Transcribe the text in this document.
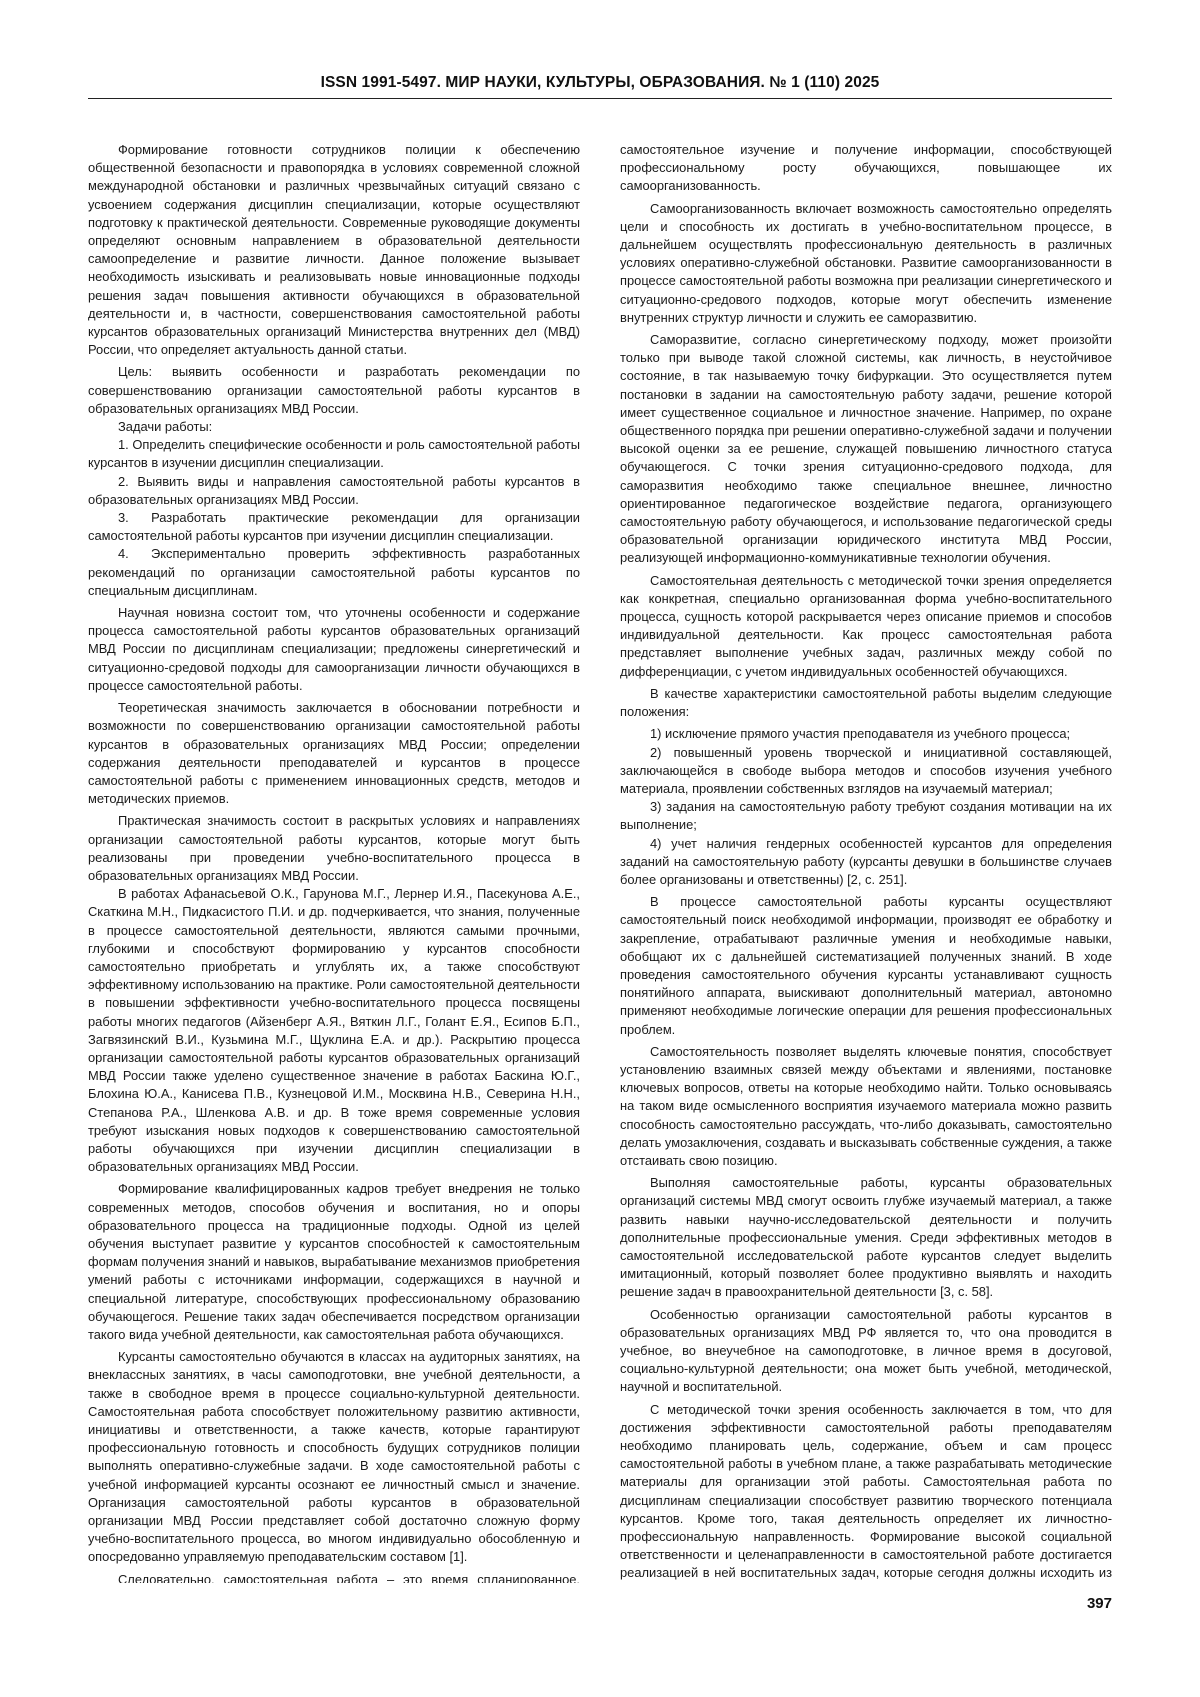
ISSN 1991-5497. МИР НАУКИ, КУЛЬТУРЫ, ОБРАЗОВАНИЯ. № 1 (110) 2025

Формирование готовности сотрудников полиции к обеспечению общественной безопасности и правопорядка в условиях современной сложной международной обстановки и различных чрезвычайных ситуаций связано с усвоением содержания дисциплин специализации, которые осуществляют подготовку к практической деятельности. Современные руководящие документы определяют основным направлением в образовательной деятельности самоопределение и развитие личности. Данное положение вызывает необходимость изыскивать и реализовывать новые инновационные подходы решения задач повышения активности обучающихся в образовательной деятельности и, в частности, совершенствования самостоятельной работы курсантов образовательных организаций Министерства внутренних дел (МВД) России, что определяет актуальность данной статьи.

Цель: выявить особенности и разработать рекомендации по совершенствованию организации самостоятельной работы курсантов в образовательных организациях МВД России.

Задачи работы:

1. Определить специфические особенности и роль самостоятельной работы курсантов в изучении дисциплин специализации.

2. Выявить виды и направления самостоятельной работы курсантов в образовательных организациях МВД России.

3. Разработать практические рекомендации для организации самостоятельной работы курсантов при изучении дисциплин специализации.

4. Экспериментально проверить эффективность разработанных рекомендаций по организации самостоятельной работы курсантов по специальным дисциплинам.

Научная новизна состоит том, что уточнены особенности и содержание процесса самостоятельной работы курсантов образовательных организаций МВД России по дисциплинам специализации; предложены синергетический и ситуационно-средовой подходы для самоорганизации личности обучающихся в процессе самостоятельной работы.

Теоретическая значимость заключается в обосновании потребности и возможности по совершенствованию организации самостоятельной работы курсантов в образовательных организациях МВД России; определении содержания деятельности преподавателей и курсантов в процессе самостоятельной работы с применением инновационных средств, методов и методических приемов.

Практическая значимость состоит в раскрытых условиях и направлениях организации самостоятельной работы курсантов, которые могут быть реализованы при проведении учебно-воспитательного процесса в образовательных организациях МВД России.

В работах Афанасьевой О.К., Гарунова М.Г., Лернер И.Я., Пасекунова А.Е., Скаткина М.Н., Пидкасистого П.И. и др. подчеркивается, что знания, полученные в процессе самостоятельной деятельности, являются самыми прочными, глубокими и способствуют формированию у курсантов способности самостоятельно приобретать и углублять их, а также способствуют эффективному использованию на практике. Роли самостоятельной деятельности в повышении эффективности учебно-воспитательного процесса посвящены работы многих педагогов (Айзенберг А.Я., Вяткин Л.Г., Голант Е.Я., Есипов Б.П., Загвязинский В.И., Кузьмина М.Г., Щуклина Е.А. и др.). Раскрытию процесса организации самостоятельной работы курсантов образовательных организаций МВД России также уделено существенное значение в работах Баскина Ю.Г., Блохина Ю.А., Канисева П.В., Кузнецовой И.М., Москвина Н.В., Северина Н.Н., Степанова Р.А., Шленкова А.В. и др. В тоже время современные условия требуют изыскания новых подходов к совершенствованию самостоятельной работы обучающихся при изучении дисциплин специализации в образовательных организациях МВД России.

Формирование квалифицированных кадров требует внедрения не только современных методов, способов обучения и воспитания, но и опоры образовательного процесса на традиционные подходы. Одной из целей обучения выступает развитие у курсантов способностей к самостоятельным формам получения знаний и навыков, вырабатывание механизмов приобретения умений работы с источниками информации, содержащихся в научной и специальной литературе, способствующих профессиональному образованию обучающегося. Решение таких задач обеспечивается посредством организации такого вида учебной деятельности, как самостоятельная работа обучающихся.

Курсанты самостоятельно обучаются в классах на аудиторных занятиях, на внеклассных занятиях, в часы самоподготовки, вне учебной деятельности, а также в свободное время в процессе социально-культурной деятельности. Самостоятельная работа способствует положительному развитию активности, инициативы и ответственности, а также качеств, которые гарантируют профессиональную готовность и способность будущих сотрудников полиции выполнять оперативно-служебные задачи. В ходе самостоятельной работы с учебной информацией курсанты осознают ее личностный смысл и значение. Организация самостоятельной работы курсантов в образовательной организации МВД России представляет собой достаточно сложную форму учебно-воспитательного процесса, во многом индивидуально обособленную и опосредованно управляемую преподавательским составом [1].

Следовательно, самостоятельная работа – это время спланированное,

самостоятельное изучение и получение информации, способствующей профессиональному росту обучающихся, повышающее их самоорганизованность.

Самоорганизованность включает возможность самостоятельно определять цели и способность их достигать в учебно-воспитательном процессе, в дальнейшем осуществлять профессиональную деятельность в различных условиях оперативно-служебной обстановки. Развитие самоорганизованности в процессе самостоятельной работы возможна при реализации синергетического и ситуационно-средового подходов, которые могут обеспечить изменение внутренних структур личности и служить ее саморазвитию.

Саморазвитие, согласно синергетическому подходу, может произойти только при выводе такой сложной системы, как личность, в неустойчивое состояние, в так называемую точку бифуркации. Это осуществляется путем постановки в задании на самостоятельную работу задачи, решение которой имеет существенное социальное и личностное значение. Например, по охране общественного порядка при решении оперативно-служебной задачи и получении высокой оценки за ее решение, служащей повышению личностного статуса обучающегося. С точки зрения ситуационно-средового подхода, для саморазвития необходимо также специальное внешнее, личностно ориентированное педагогическое воздействие педагога, организующего самостоятельную работу обучающегося, и использование педагогической среды образовательной организации юридического института МВД России, реализующей информационно-коммуникативные технологии обучения.

Самостоятельная деятельность с методической точки зрения определяется как конкретная, специально организованная форма учебно-воспитательного процесса, сущность которой раскрывается через описание приемов и способов индивидуальной деятельности. Как процесс самостоятельная работа представляет выполнение учебных задач, различных между собой по дифференциации, с учетом индивидуальных особенностей обучающихся.

В качестве характеристики самостоятельной работы выделим следующие положения:

1) исключение прямого участия преподавателя из учебного процесса;

2) повышенный уровень творческой и инициативной составляющей, заключающейся в свободе выбора методов и способов изучения учебного материала, проявлении собственных взглядов на изучаемый материал;

3) задания на самостоятельную работу требуют создания мотивации на их выполнение;

4) учет наличия гендерных особенностей курсантов для определения заданий на самостоятельную работу (курсанты девушки в большинстве случаев более организованы и ответственны) [2, с. 251].

В процессе самостоятельной работы курсанты осуществляют самостоятельный поиск необходимой информации, производят ее обработку и закрепление, отрабатывают различные умения и необходимые навыки, обобщают их с дальнейшей систематизацией полученных знаний. В ходе проведения самостоятельного обучения курсанты устанавливают сущность понятийного аппарата, выискивают дополнительный материал, автономно применяют необходимые логические операции для решения профессиональных проблем.

Самостоятельность позволяет выделять ключевые понятия, способствует установлению взаимных связей между объектами и явлениями, постановке ключевых вопросов, ответы на которые необходимо найти. Только основываясь на таком виде осмысленного восприятия изучаемого материала можно развить способность самостоятельно рассуждать, что-либо доказывать, самостоятельно делать умозаключения, создавать и высказывать собственные суждения, а также отстаивать свою позицию.

Выполняя самостоятельные работы, курсанты образовательных организаций системы МВД смогут освоить глубже изучаемый материал, а также развить навыки научно-исследовательской деятельности и получить дополнительные профессиональные умения. Среди эффективных методов в самостоятельной исследовательской работе курсантов следует выделить имитационный, который позволяет более продуктивно выявлять и находить решение задач в правоохранительной деятельности [3, с. 58].

Особенностью организации самостоятельной работы курсантов в образовательных организациях МВД РФ является то, что она проводится в учебное, во внеучебное на самоподготовке, в личное время в досуговой, социально-культурной деятельности; она может быть учебной, методической, научной и воспитательной.

С методической точки зрения особенность заключается в том, что для достижения эффективности самостоятельной работы преподавателям необходимо планировать цель, содержание, объем и сам процесс самостоятельной работы в учебном плане, а также разрабатывать методические материалы для организации этой работы. Самостоятельная работа по дисциплинам специализации способствует развитию творческого потенциала курсантов. Кроме того, такая деятельность определяет их личностно-профессиональную направленность. Формирование высокой социальной ответственности и целенаправленности в самостоятельной работе достигается реализацией в ней воспитательных задач, которые сегодня должны исходить из

397
